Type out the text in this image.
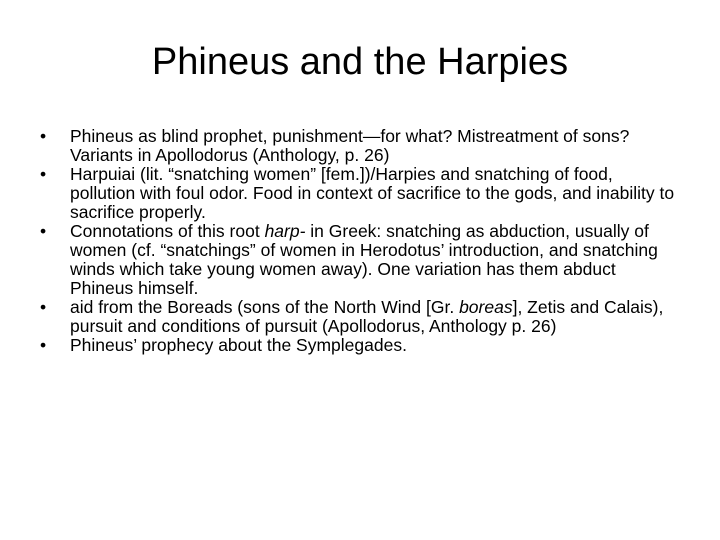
Phineus and the Harpies
•	Phineus as blind prophet, punishment—for what? Mistreatment of sons? Variants in Apollodorus (Anthology, p. 26)
•	Harpuiai (lit. “snatching women” [fem.])/Harpies and snatching of food, pollution with foul odor. Food in context of sacrifice to the gods, and inability to sacrifice properly.
•	Connotations of this root harp- in Greek: snatching as abduction, usually of women (cf. “snatchings” of women in Herodotus’ introduction, and snatching winds which take young women away). One variation has them abduct Phineus himself.
•	aid from the Boreads (sons of the North Wind [Gr. boreas], Zetis and Calais), pursuit and conditions of pursuit (Apollodorus, Anthology p. 26)
•	Phineus’ prophecy about the Symplegades.
